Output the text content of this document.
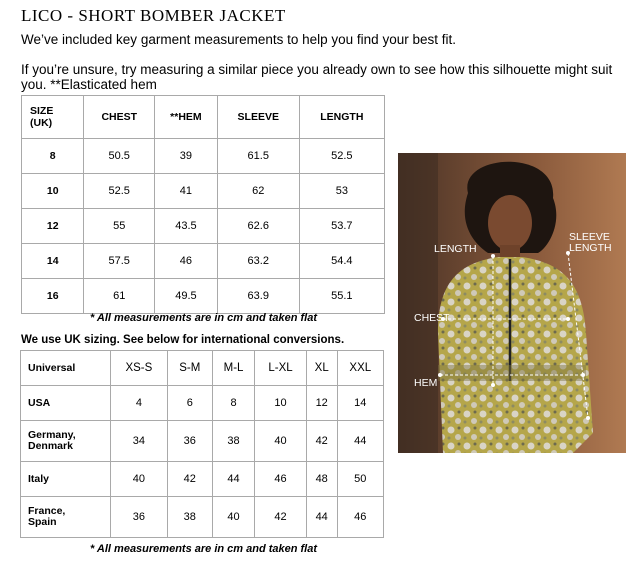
LICO - SHORT BOMBER JACKET
We’ve included key garment measurements to help you find your best fit.
If you’re unsure, try measuring a similar piece you already own to see how this silhouette might suit you. **Elasticated hem
SIZE
(UK)	CHEST	**HEM	SLEEVE	LENGTH
8	50.5	39	61.5	52.5
10	52.5	41	62	53
12	55	43.5	62.6	53.7
14	57.5	46	63.2	54.4
16	61	49.5	63.9	55.1
* All measurements are in cm and taken flat
We use UK sizing. See below for international conversions.
Universal	XS-S	S-M	M-L	L-XL	XL	XXL
USA	4	6	8	10	12	14
Germany,
Denmark	34	36	38	40	42	44
Italy	40	42	44	46	48	50
France,
Spain	36	38	40	42	44	46
* All measurements are in cm and taken flat
LENGTH
SLEEVE LENGTH
CHEST
HEM
